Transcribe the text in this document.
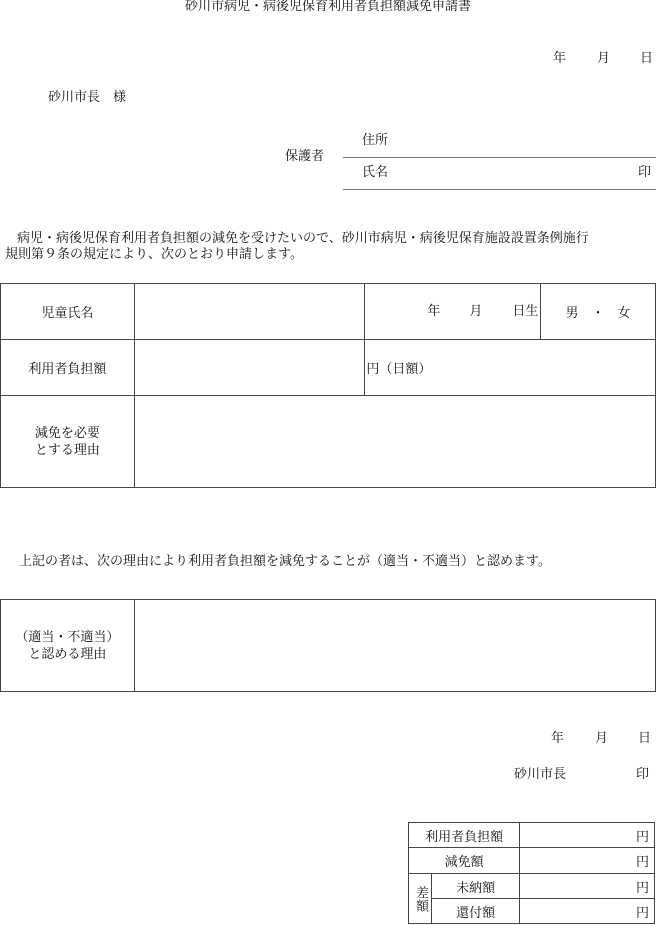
砂川市病児・病後児保育利用者負担額減免申請書
年 月 日
砂川市長　様
保護者
住所
氏名	印
病児・病後児保育利用者負担額の減免を受けたいので、砂川市病児・病後児保育施設設置条例施行
規則第９条の規定により、次のとおり申請します。
児童氏名		年 月 日生	男　・　女
利用者負担額		円（日額）	
減免を必要
とする理由			
上記の者は、次の理由により利用者負担額を減免することが（適当・不適当）と認めます。
（適当・不適当）
と認める理由	
年 月 日
砂川市長	印
利用者負担額		円
減免額		円
差額	未納額	円
	還付額	円
